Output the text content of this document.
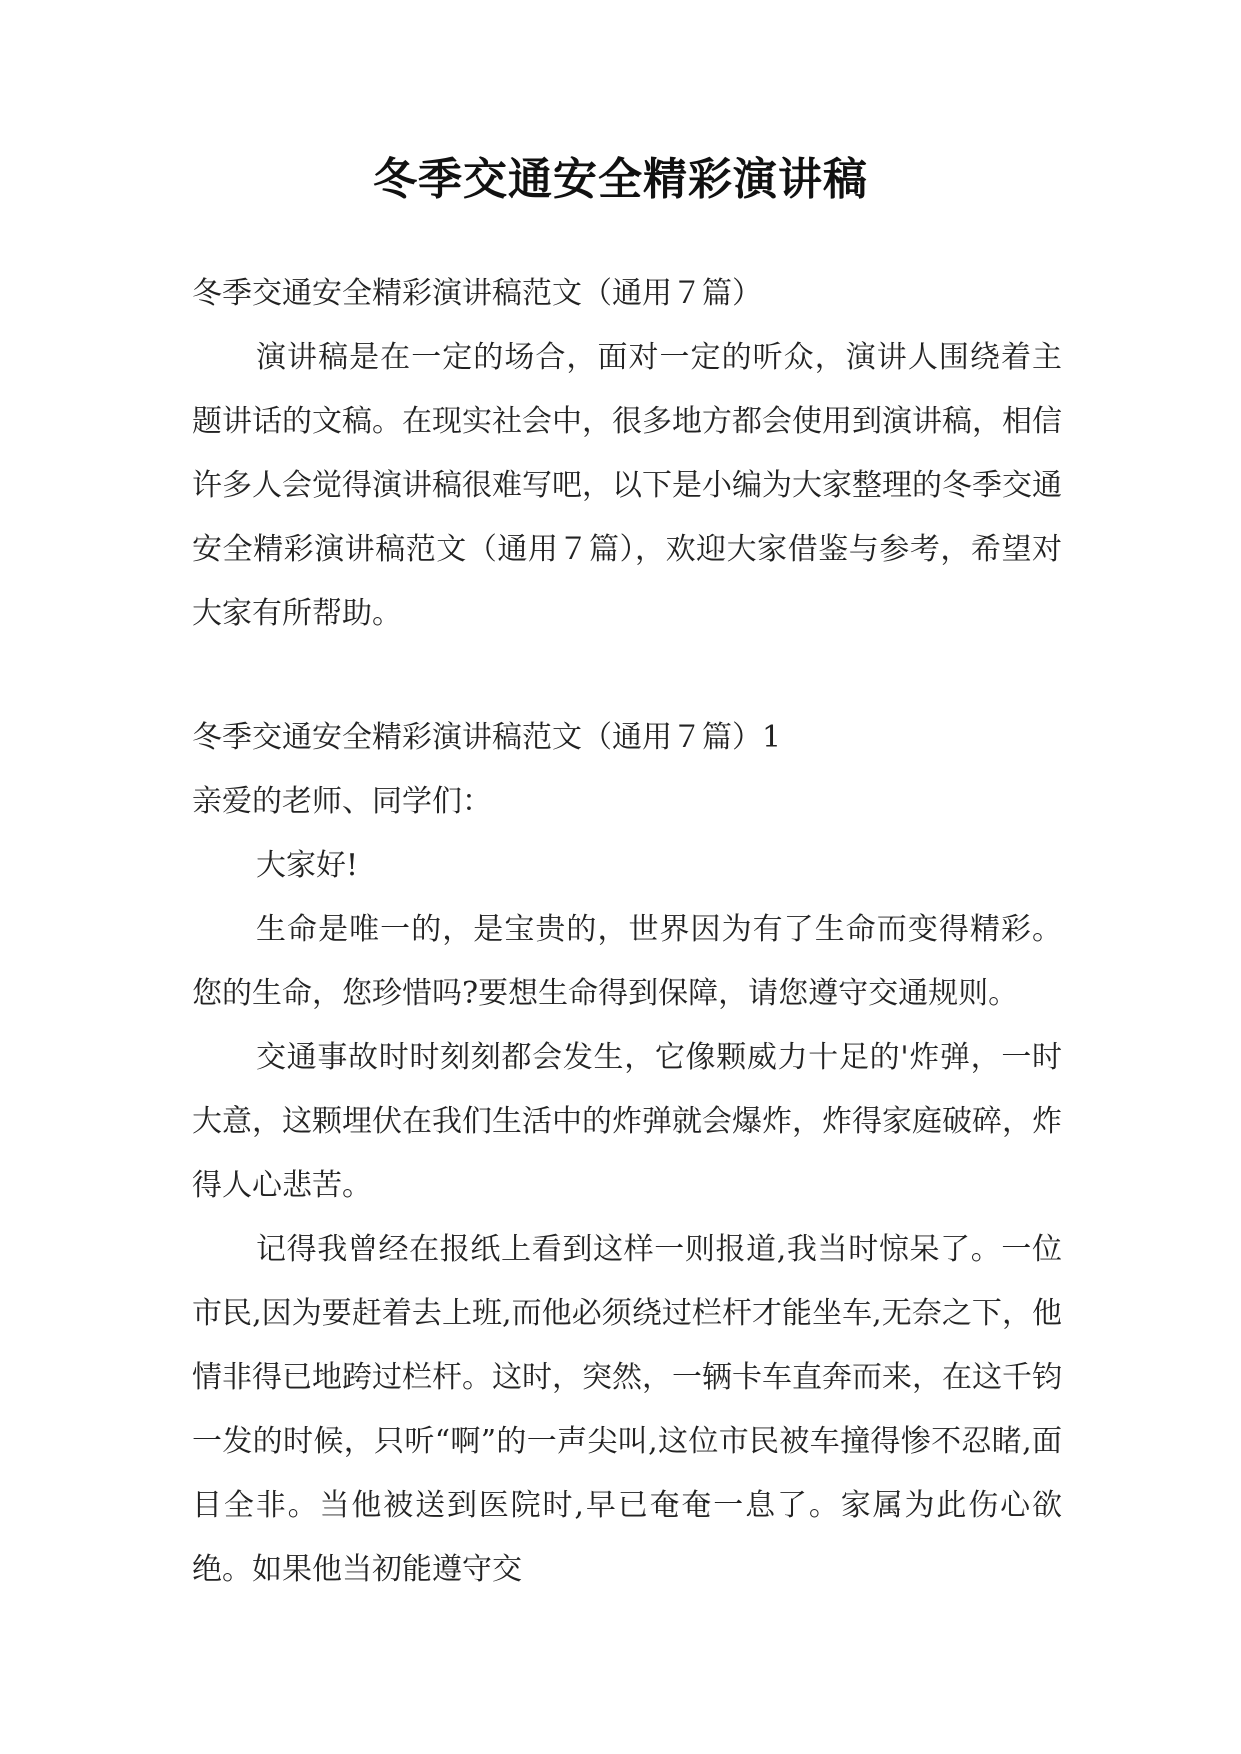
冬季交通安全精彩演讲稿

冬季交通安全精彩演讲稿范文（通用７篇）

演讲稿是在一定的场合，面对一定的听众，演讲人围绕着主题讲话的文稿。在现实社会中，很多地方都会使用到演讲稿，相信许多人会觉得演讲稿很难写吧，以下是小编为大家整理的冬季交通安全精彩演讲稿范文（通用７篇），欢迎大家借鉴与参考，希望对大家有所帮助。

冬季交通安全精彩演讲稿范文（通用７篇）1

亲爱的老师、同学们：

大家好!

生命是唯一的，是宝贵的，世界因为有了生命而变得精彩。您的生命，您珍惜吗?要想生命得到保障，请您遵守交通规则。

交通事故时时刻刻都会发生，它像颗威力十足的'炸弹，一时大意，这颗埋伏在我们生活中的炸弹就会爆炸，炸得家庭破碎，炸得人心悲苦。

记得我曾经在报纸上看到这样一则报道,我当时惊呆了。一位市民,因为要赶着去上班,而他必须绕过栏杆才能坐车,无奈之下，他情非得已地跨过栏杆。这时，突然，一辆卡车直奔而来，在这千钧一发的时候，只听“啊”的一声尖叫,这位市民被车撞得惨不忍睹,面目全非。当他被送到医院时,早已奄奄一息了。家属为此伤心欲绝。如果他当初能遵守交
